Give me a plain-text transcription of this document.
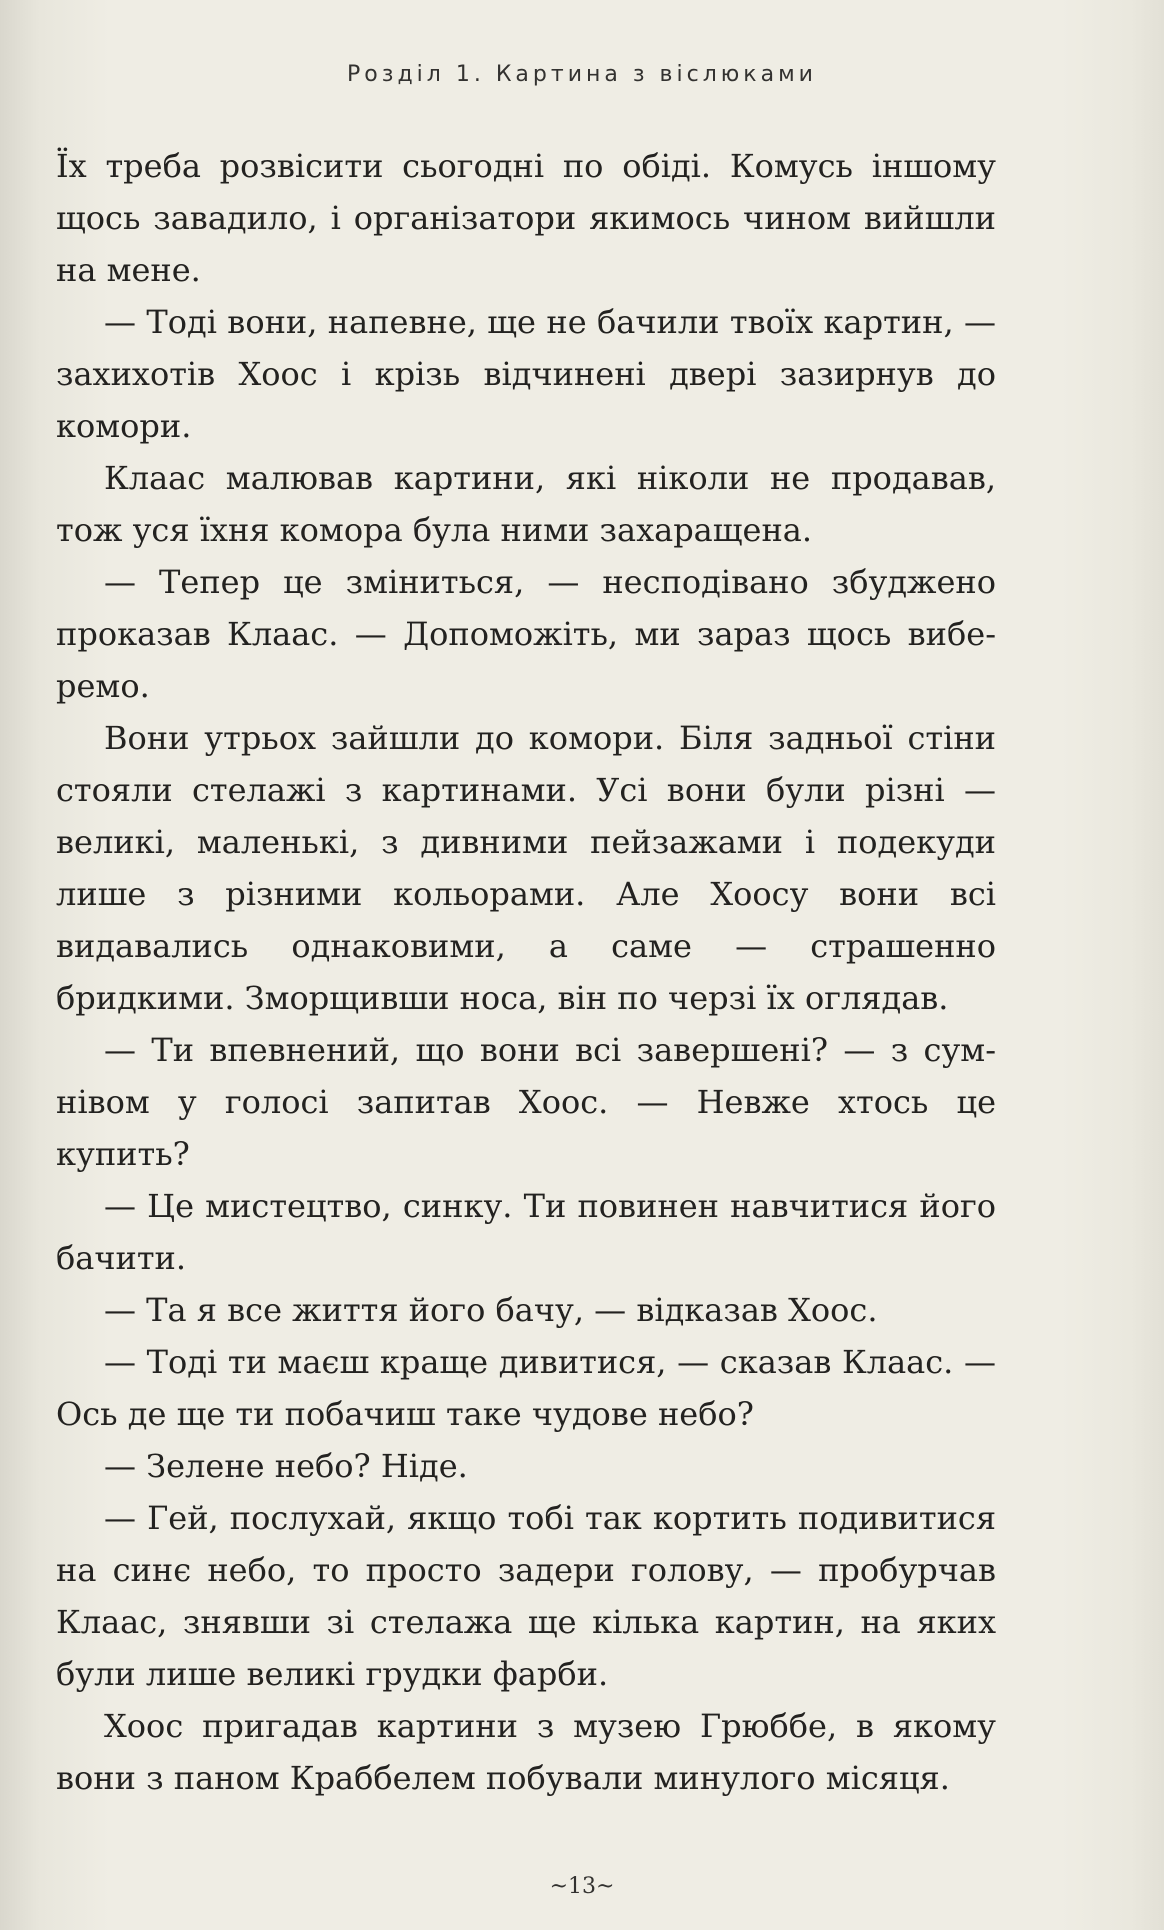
Розділ 1. Картина з віслюками

Їх треба розвісити сьогодні по обіді. Комусь іншому щось завадило, і організатори якимось чином вийшли на мене.

— Тоді вони, напевне, ще не бачили твоїх картин, — захихотів Хоос і крізь відчинені двері зазирнув до комори.

Клаас малював картини, які ніколи не продавав, тож уся їхня комора була ними захаращена.

— Тепер це зміниться, — несподівано збуджено проказав Клаас. — Допоможіть, ми зараз щось виберемо.

Вони утрьох зайшли до комори. Біля задньої стіни стояли стелажі з картинами. Усі вони були різні — великі, маленькі, з дивними пейзажами і подекуди лише з різними кольорами. Але Хоосу вони всі видавались однаковими, а саме — страшенно бридкими. Зморщивши носа, він по черзі їх оглядав.

— Ти впевнений, що вони всі завершені? — з сумнівом у голосі запитав Хоос. — Невже хтось це купить?

— Це мистецтво, синку. Ти повинен навчитися його бачити.

— Та я все життя його бачу, — відказав Хоос.

— Тоді ти маєш краще дивитися, — сказав Клаас. — Ось де ще ти побачиш таке чудове небо?

— Зелене небо? Ніде.

— Гей, послухай, якщо тобі так кортить подивитися на синє небо, то просто задери голову, — пробурчав Клаас, знявши зі стелажа ще кілька картин, на яких були лише великі грудки фарби.

Хоос пригадав картини з музею Грюббе, в якому вони з паном Краббелем побували минулого місяця.

~13~
